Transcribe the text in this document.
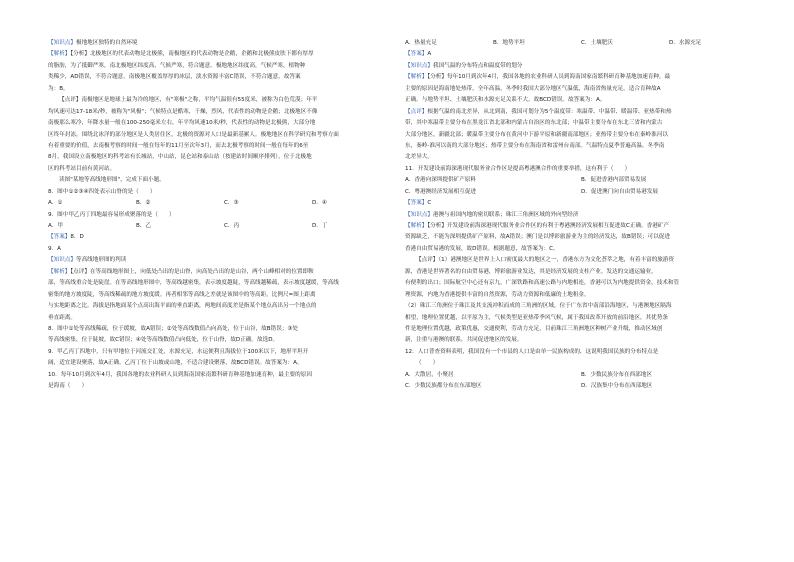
【知识点】极地地区独特的自然环境
【解析】【分析】北极地区的代表动物是北极熊，南极地区的代表动物是企鹅，企鹅和北极熊皮肤下都有厚厚
的脂肪，为了抵御严寒，南北极地区纬度高，气候严寒，符合题意。极地地区纬度高，气候严寒，植物种
类稀少，AD错误，不符合题意。南极地区覆盖厚厚的冰层，淡水资源丰富C错误，不符合题意。故答案
为：B。
【点评】南极地区是地球上最为冷的地区，有"寒极"之称，平均气温很有55度米，被称为白色荒漠；年平
均风速可达17-18米/秒，被称为"风极"；气候特点是酷寒，干燥，烈风，代表性的动物是企鹅；北极地区不像
南极那么寒冷，年降水量一般在100-250毫米左右，年平均风速10米/秒，代表性的动物是北极熊，大部分地
区终年封冻，围绕北冰洋的部分地区是人类居住区，北极的资源对人口是最新基累人。极地地区在科学研究和考察方面
有着重要的价值，去南极考察的时间一般在每年的11月至次年3月，而去北极考察的时间一般在每年的6至
8月，我国设立南极地区的科考站有长城站，中山站，昆仑站和泰山站（按建站时间顺序排列），位于北极地
区的科考站目前有黄河站。
读图"某地等高线地形图"，完成下面小题。
8．图中①②③④四处表示山脊的是（　　）
A．①	B．②	C．③	D．④
9．图中甲乙丙丁四地最容易形成聚落的是（　　）
A．甲	B．乙	C．丙	D．丁
【答案】8．D
9．A
【知识点】等高线地形图的判读
【解析】【点评】在等高线地形图上，向低处凸出的是山脊，向高处凸出的是山谷，两个山峰相对的位置即鞍
部，等高线重合处是陡崖。在等高线地形图中，等高线越密集，表示坡度越陡，等高线越稀疏，表示坡度越缓，等高线
密集的地方坡度陡，等高线稀疏的地方坡度缓。再者相邻等高线之差就是该图中的等高距。比例尺=图上距离
与实地距离之比。海拔是指地面某个点高出海平面的垂直距离，两地间高度差是指某个地点高出另一个地点的
垂直距离。
8．图中①处等高线稀疏，位于缓坡，故A错误；②处等高线数值凸向高处，位于山谷，故B错误；③处
等高线密集，位于陡坡，故C错误；④处等高线数值凸向低处，位于山脊，故D正确。故选D。
9．甲乙丙丁四地中，只有甲地位于河流交汇处，水源充足，水运便利且海拔位于100米以下，地形平坦开
阔，适宜建设聚落，故A正确。乙丙丁位于山坡或山地，不适合建设聚落，故BCD错误。故答案为：A。
10．每年10月到次年4月，我国各地的农业科研人员到海南国家南繁科研育种基地加速育种，最主要的原因
是海南（　　）
A．热量充足	B．地势平坦	C．土壤肥沃	D．水源充足
【答案】A
【知识点】我国气温的分布特点和温度带的划分
【解析】【分析】每年10月到次年4月，我国各地的农业科研人员到海南国家南繁科研育种基地加速育种，最
主要的原因是海南地处热带，全年高温，冬季时我国大部分地区气温低，海南省热量充足，适合育种故A
正确。与地势平坦、土壤肥沃和水源充足关系不大，故BCD错误。故答案为：A。
【点评】根据气温的南北差异，从北到南，我国可划分为5个温度带：寒温带、中温带、暖温带、亚热带和热
带，其中寒温带主要分布在黑龙江省北部和内蒙古自治区的东北部；中温带主要分布在东北三省和内蒙古
大部分地区，新疆北部；暖温带主要分布在黄河中下游平原和新疆南部地区；亚热带主要分布在秦岭淮河以
东，秦岭-淮河以南的大部分地区；热带主要分布在海南省和雷州台南部。气温特点夏季普遍高温，冬季南
北差异大。
11．开发建设前海深港现代服务业合作区是提高粤港澳合作的重要举措，这有利于（　　）
A．香港向深圳提供矿产原料	B．促进香港内部贸易发展
C．粤港澳经济发展相互促进	D．促进澳门向自由贸易港发展
【答案】C
【知识点】港澳与祖国内地的密切联系；珠江三角洲区域的外向型经济
【解析】【分析】开发建设前海深港现代服务业合作区的有利于粤港澳经济发展相互促进故C正确。香港矿产
资源缺乏，不能为深圳提供矿产原料，故A错误；澳门是以博彩旅游业为主的经济发达，故B错误；可以促进
香港自由贸易港的发展，故D错误。根据题意，故答案为：C。
【点评】（1）港澳地区是世界上人口密度最大的地区之一，香港东方为文化荟萃之地，有着丰富的旅游资
源，香港是世界著名的自由贸易港，博彩旅游业发达，其是经济发展的支柱产业。发达的交通运输业，
有便利的出口；国际航空中心还有京九，广深铁路和高速公路与内地相连，香港可以为内地提供资金，技术和管
理资源，内地为香港提供丰富的自然资源，劳动力资源和低廉的土地租金。
（2）珠江三角洲位于珠江及其支流冲积而成的三角洲的区域，位于广东省中南部沿海地区，与港澳地区隔海
相望，地理位置优越，以平原为主，气候类型是亚热带季风气候，属于我国改革开放的前沿地区，其优势条
件是地理位置优越，政策优惠，交通便利，劳动力充足，目前珠江三角洲地区种树产业升级，推动区域创
新，注重与港澳的联系，共同促进地区的发展。
12．人口普查资料表明，我国没有一个市县的人口是由单一民族构成的，这说明我国民族的分布特点是
（　　）
A．大散居，小聚居	B．少数民族分布在西部地区
C．少数民族都分布在东部地区	D．汉族集中分布在西部地区
